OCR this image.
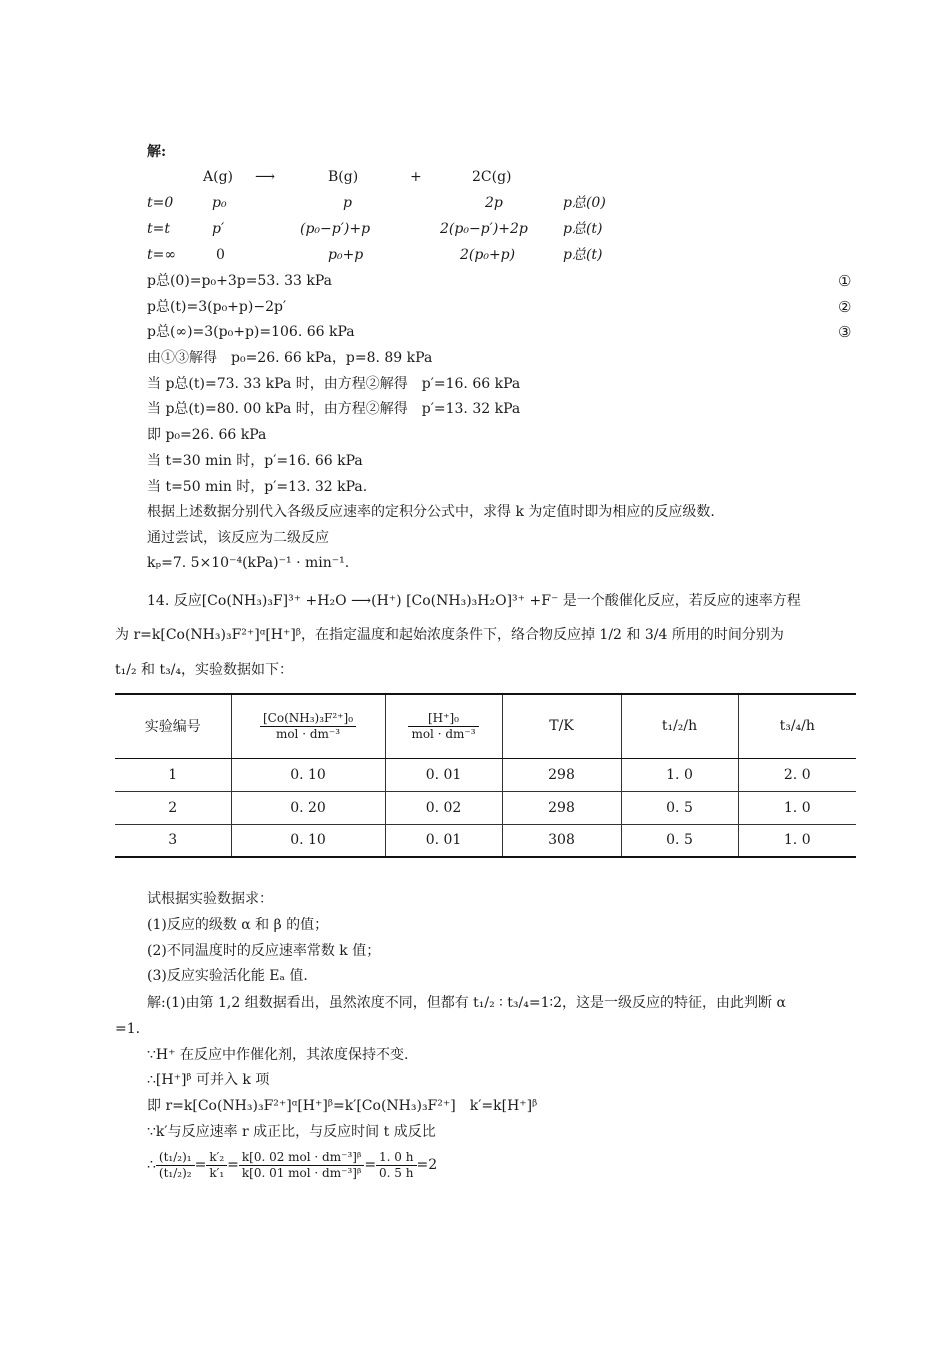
解:
A(g) ⟶	B(g)	+	2C(g)
t=0	p₀	p	2p	p总(0)
t=t	p′	(p₀−p′)+p	2(p₀−p′)+2p	p总(t)
t=∞	0	p₀+p	2(p₀+p)	p总(t)
p总(0)=p₀+3p=53. 33 kPa	①
p总(t)=3(p₀+p)−2p′	②
p总(∞)=3(p₀+p)=106. 66 kPa	③
由①③解得　p₀=26. 66 kPa，p=8. 89 kPa
当 p总(t)=73. 33 kPa 时，由方程②解得　p′=16. 66 kPa
当 p总(t)=80. 00 kPa 时，由方程②解得　p′=13. 32 kPa
即 p₀=26. 66 kPa
当 t=30 min 时，p′=16. 66 kPa
当 t=50 min 时，p′=13. 32 kPa.
根据上述数据分别代入各级反应速率的定积分公式中，求得 k 为定值时即为相应的反应级数.
通过尝试，该反应为二级反应
kₚ=7. 5×10⁻⁴(kPa)⁻¹ · min⁻¹.
14. 反应[Co(NH₃)₃F]³⁺ +H₂O ⟶(H⁺) [Co(NH₃)₃H₂O]³⁺ +F⁻ 是一个酸催化反应，若反应的速率方程
为 r=k[Co(NH₃)₃F²⁺]ᵅ[H⁺]ᵝ，在指定温度和起始浓度条件下，络合物反应掉 1/2 和 3/4 所用的时间分别为
t₁/₂ 和 t₃/₄，实验数据如下：
实验编号	$\frac{\text{[Co(NH₃)₃F²⁺]₀}}{\text{mol · dm⁻³}}$	$\frac{\text{[H⁺]₀}}{\text{mol · dm⁻³}}$	T/K	t₁/₂/h	t₃/₄/h
1	0. 10	0. 01	298	1. 0	2. 0
2	0. 20	0. 02	298	0. 5	1. 0
3	0. 10	0. 01	308	0. 5	1. 0
试根据实验数据求：
(1)反应的级数 α 和 β 的值；
(2)不同温度时的反应速率常数 k 值；
(3)反应实验活化能 Eₐ 值.
解:(1)由第 1,2 组数据看出，虽然浓度不同，但都有 t₁/₂ ∶ t₃/₄=1∶2，这是一级反应的特征，由此判断 α
=1.
∵H⁺ 在反应中作催化剂，其浓度保持不变.
∴[H⁺]ᵝ 可并入 k 项
即 r=k[Co(NH₃)₃F²⁺]ᵅ[H⁺]ᵝ=k′[Co(NH₃)₃F²⁺]　k′=k[H⁺]ᵝ
∵k′与反应速率 r 成正比，与反应时间 t 成反比
∴ $\frac{\text{(t₁/₂)₁}}{\text{(t₁/₂)₂}} = \frac{\text{k′₂}}{\text{k′₁}} = \frac{\text{k[0. 02 mol · dm⁻³]ᵝ}}{\text{k[0. 01 mol · dm⁻³]ᵝ}} = \frac{1. 0 h}{0. 5 h} =2$
